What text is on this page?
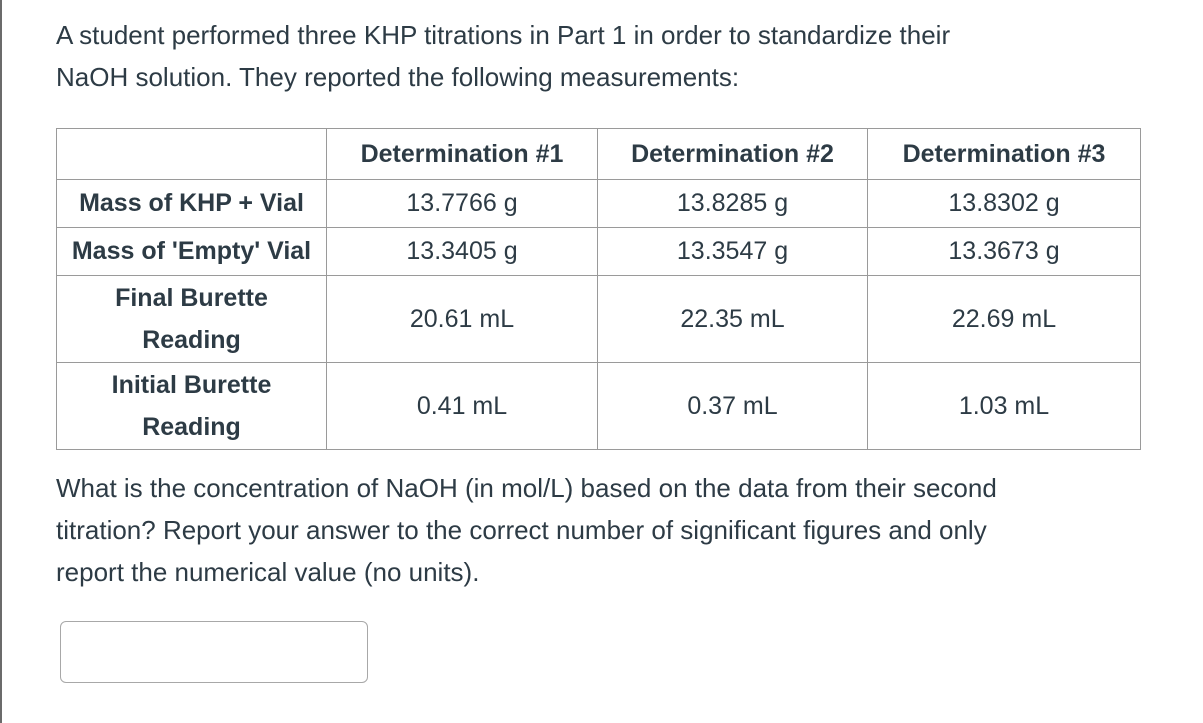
A student performed three KHP titrations in Part 1 in order to standardize their
NaOH solution. They reported the following measurements:

	Determination #1	Determination #2	Determination #3
Mass of KHP + Vial	13.7766 g	13.8285 g	13.8302 g
Mass of 'Empty' Vial	13.3405 g	13.3547 g	13.3673 g
Final Burette
Reading	20.61 mL	22.35 mL	22.69 mL
Initial Burette
Reading	0.41 mL	0.37 mL	1.03 mL

What is the concentration of NaOH (in mol/L) based on the data from their second
titration? Report your answer to the correct number of significant figures and only
report the numerical value (no units).
